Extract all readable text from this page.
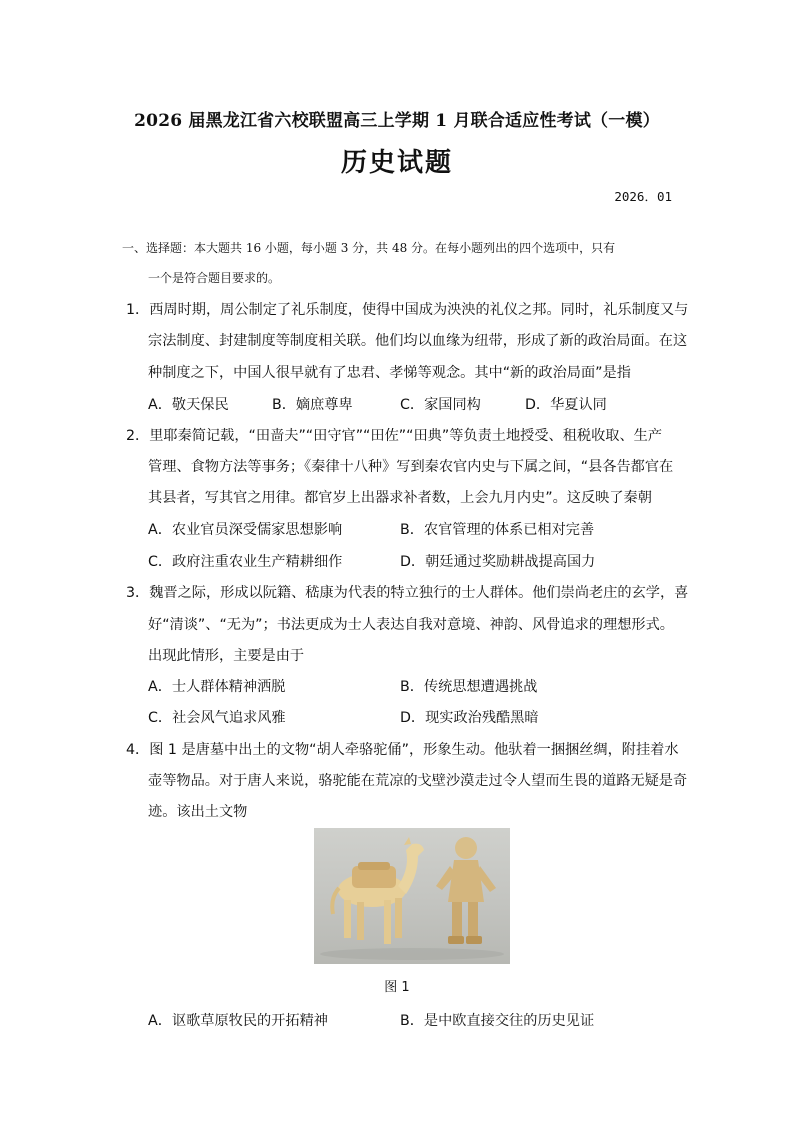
2026 届黑龙江省六校联盟高三上学期 1 月联合适应性考试（一模）
历史试题
2026．01
一、选择题：本大题共 16 小题，每小题 3 分，共 48 分。在每小题列出的四个选项中，只有
一个是符合题目要求的。
1．西周时期，周公制定了礼乐制度，使得中国成为泱泱的礼仪之邦。同时，礼乐制度又与
宗法制度、封建制度等制度相关联。他们均以血缘为纽带，形成了新的政治局面。在这
种制度之下，中国人很早就有了忠君、孝悌等观念。其中“新的政治局面”是指
A．敬天保民	B．嫡庶尊卑	C．家国同构	D．华夏认同
2．里耶秦简记载，“田啬夫”“田守官”“田佐”“田典”等负责土地授受、租税收取、生产
管理、食物方法等事务；《秦律十八种》写到秦农官内史与下属之间，“县各告都官在
其县者，写其官之用律。都官岁上出器求补者数，上会九月内史”。这反映了秦朝
A．农业官员深受儒家思想影响	B．农官管理的体系已相对完善
C．政府注重农业生产精耕细作	D．朝廷通过奖励耕战提高国力
3．魏晋之际，形成以阮籍、嵇康为代表的特立独行的士人群体。他们崇尚老庄的玄学，喜
好“清谈”、“无为”；书法更成为士人表达自我对意境、神韵、风骨追求的理想形式。
出现此情形，主要是由于
A．士人群体精神洒脱	B．传统思想遭遇挑战
C．社会风气追求风雅	D．现实政治残酷黑暗
4．图 1 是唐墓中出土的文物“胡人牵骆驼俑”，形象生动。他驮着一捆捆丝绸，附挂着水
壶等物品。对于唐人来说，骆驼能在荒凉的戈壁沙漠走过令人望而生畏的道路无疑是奇
迹。该出土文物
图 1
A．讴歌草原牧民的开拓精神	B．是中欧直接交往的历史见证
